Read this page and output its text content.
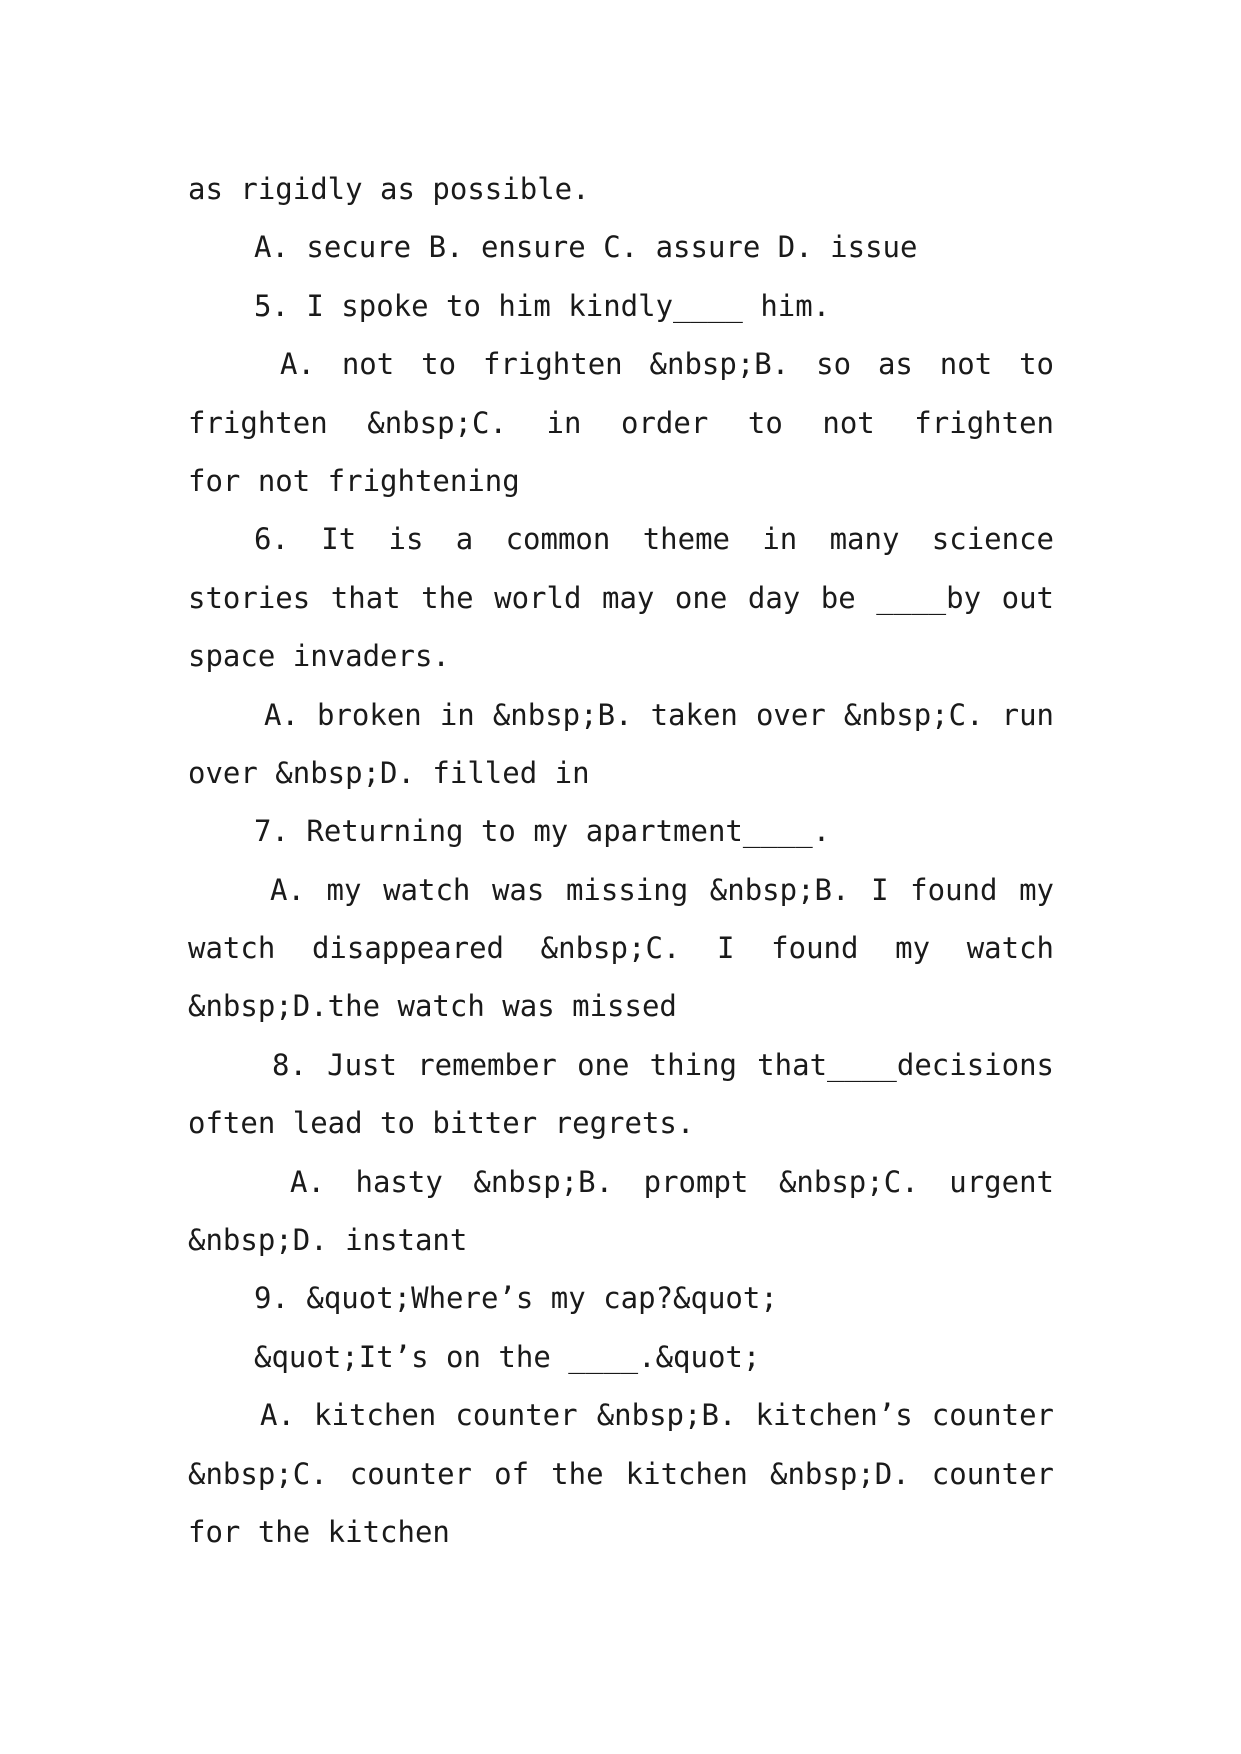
as rigidly as possible.
A. secure B. ensure C. assure D. issue
5. I spoke to him kindly____ him.
A. not to frighten &nbsp;B. so as not to
frighten &nbsp;C. in order to not frighten
for not frightening
6. It is a common theme in many science
stories that the world may one day be ____by out
space invaders.
A. broken in &nbsp;B. taken over &nbsp;C. run
over &nbsp;D. filled in
7. Returning to my apartment____.
A. my watch was missing &nbsp;B. I found my
watch disappeared &nbsp;C. I found my watch
&nbsp;D.the watch was missed
8. Just remember one thing that____decisions
often lead to bitter regrets.
A. hasty &nbsp;B. prompt &nbsp;C. urgent
&nbsp;D. instant
9. &quot;Where’s my cap?&quot;
&quot;It’s on the ____.&quot;
A. kitchen counter &nbsp;B. kitchen’s counter
&nbsp;C. counter of the kitchen &nbsp;D. counter
for the kitchen
